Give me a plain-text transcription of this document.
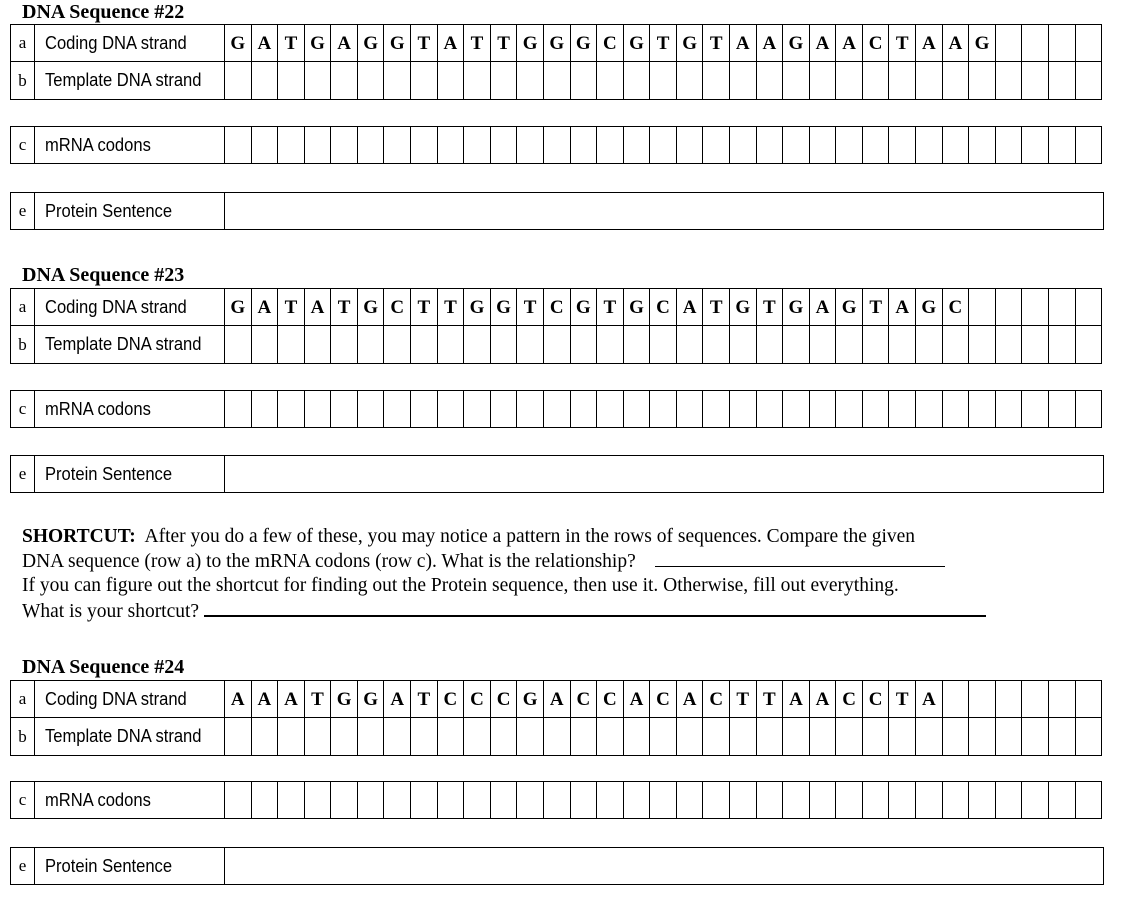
DNA Sequence #22
a	Coding DNA strand G A T G A G G T A T T G G G C G T G T A A G A A C T A A G
b	Template DNA strand
c	mRNA codons
e	Protein Sentence
DNA Sequence #23
a	Coding DNA strand G A T A T G C T T G G T C G T G C A T G T G A G T A G C
b	Template DNA strand
c	mRNA codons
e	Protein Sentence
SHORTCUT: After you do a few of these, you may notice a pattern in the rows of sequences. Compare the given
DNA sequence (row a) to the mRNA codons (row c). What is the relationship?
If you can figure out the shortcut for finding out the Protein sequence, then use it. Otherwise, fill out everything.
What is your shortcut?
DNA Sequence #24
a	Coding DNA strand	A A A T G G A T C C C G A C C A C A C T T A A C C T A
b	Template DNA strand
c	mRNA codons
e	Protein Sentence
